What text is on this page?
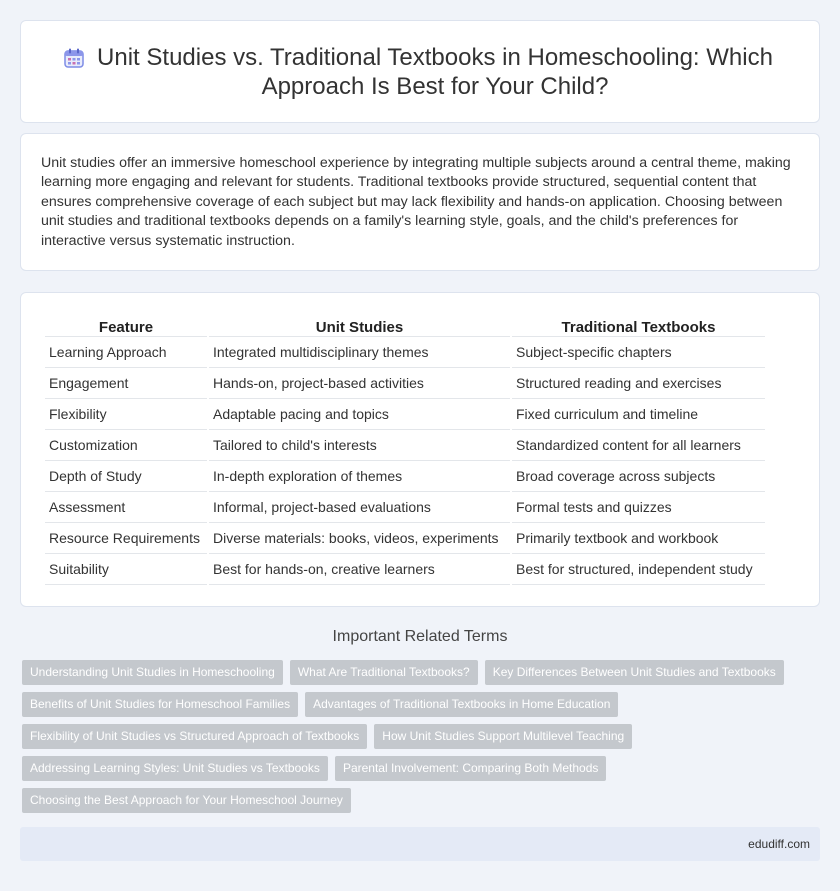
Unit Studies vs. Traditional Textbooks in Homeschooling: Which Approach Is Best for Your Child?

Unit studies offer an immersive homeschool experience by integrating multiple subjects around a central theme, making learning more engaging and relevant for students. Traditional textbooks provide structured, sequential content that ensures comprehensive coverage of each subject but may lack flexibility and hands-on application. Choosing between unit studies and traditional textbooks depends on a family's learning style, goals, and the child's preferences for interactive versus systematic instruction.

Feature	Unit Studies	Traditional Textbooks
Learning Approach	Integrated multidisciplinary themes	Subject-specific chapters
Engagement	Hands-on, project-based activities	Structured reading and exercises
Flexibility	Adaptable pacing and topics	Fixed curriculum and timeline
Customization	Tailored to child's interests	Standardized content for all learners
Depth of Study	In-depth exploration of themes	Broad coverage across subjects
Assessment	Informal, project-based evaluations	Formal tests and quizzes
Resource Requirements	Diverse materials: books, videos, experiments	Primarily textbook and workbook
Suitability	Best for hands-on, creative learners	Best for structured, independent study
Important Related Terms
Understanding Unit Studies in Homeschooling	What Are Traditional Textbooks?	Key Differences Between Unit Studies and Textbooks
Benefits of Unit Studies for Homeschool Families	Advantages of Traditional Textbooks in Home Education
Flexibility of Unit Studies vs Structured Approach of Textbooks	How Unit Studies Support Multilevel Teaching
Addressing Learning Styles: Unit Studies vs Textbooks	Parental Involvement: Comparing Both Methods
Choosing the Best Approach for Your Homeschool Journey
edudiff.com
